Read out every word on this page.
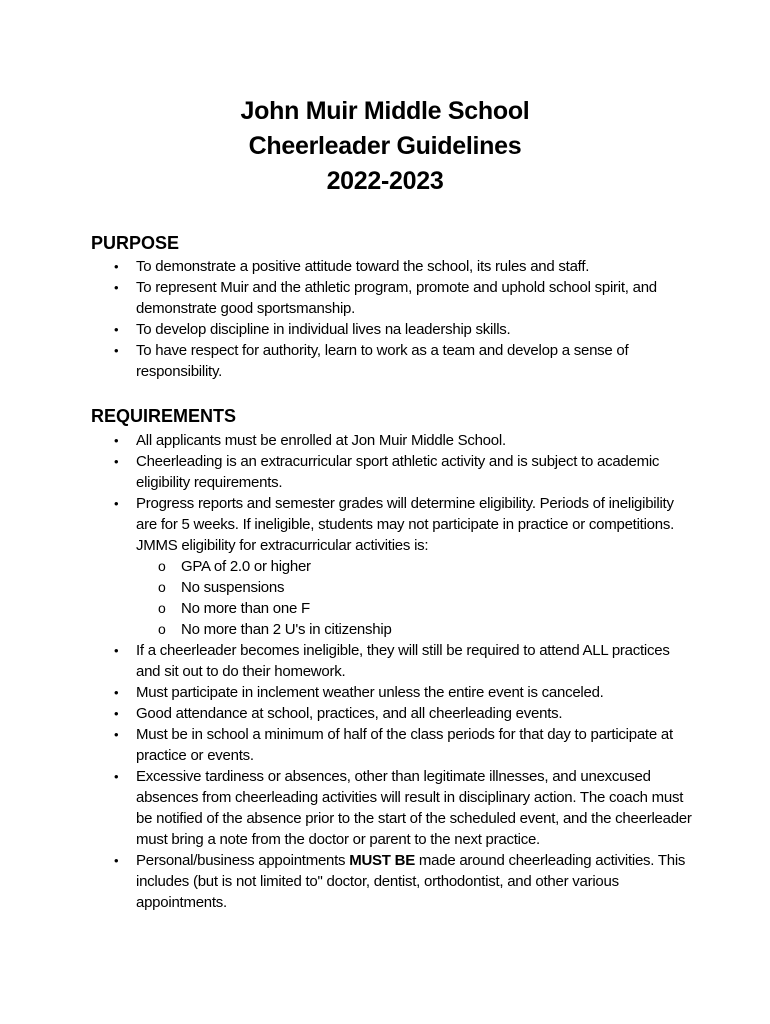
John Muir Middle School
Cheerleader Guidelines
2022-2023
PURPOSE
• To demonstrate a positive attitude toward the school, its rules and staff.
• To represent Muir and the athletic program, promote and uphold school spirit, and demonstrate good sportsmanship.
• To develop discipline in individual lives na leadership skills.
• To have respect for authority, learn to work as a team and develop a sense of responsibility.
REQUIREMENTS
• All applicants must be enrolled at Jon Muir Middle School.
• Cheerleading is an extracurricular sport athletic activity and is subject to academic eligibility requirements.
• Progress reports and semester grades will determine eligibility. Periods of ineligibility are for 5 weeks. If ineligible, students may not participate in practice or competitions. JMMS eligibility for extracurricular activities is:
o GPA of 2.0 or higher
o No suspensions
o No more than one F
o No more than 2 U's in citizenship
• If a cheerleader becomes ineligible, they will still be required to attend ALL practices and sit out to do their homework.
• Must participate in inclement weather unless the entire event is canceled.
• Good attendance at school, practices, and all cheerleading events.
• Must be in school a minimum of half of the class periods for that day to participate at practice or events.
• Excessive tardiness or absences, other than legitimate illnesses, and unexcused absences from cheerleading activities will result in disciplinary action. The coach must be notified of the absence prior to the start of the scheduled event, and the cheerleader must bring a note from the doctor or parent to the next practice.
• Personal/business appointments MUST BE made around cheerleading activities. This includes (but is not limited to" doctor, dentist, orthodontist, and other various appointments.
